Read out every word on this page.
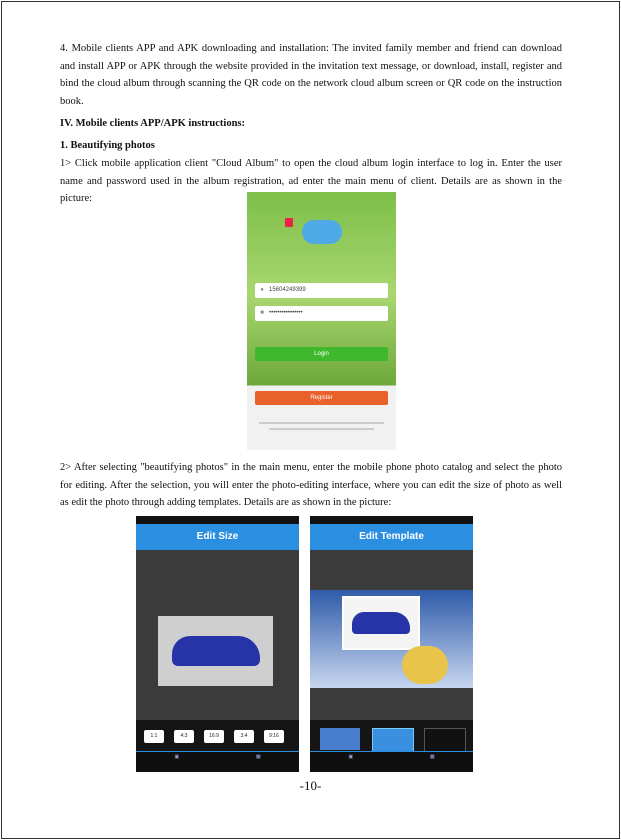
4. Mobile clients APP and APK downloading and installation: The invited family member and friend can download and install APP or APK through the website provided in the invitation text message, or download, install, register and bind the cloud album through scanning the QR code on the network cloud album screen or QR code on the instruction book.
IV. Mobile clients APP/APK instructions:
1. Beautifying photos
1> Click mobile application client "Cloud Album" to open the cloud album login interface to log in. Enter the user name and password used in the album registration, ad enter the main menu of client. Details are as shown in the picture:
● 15604249399
■ ••••••••••••••••
Login
Register
2> After selecting "beautifying photos" in the main menu, enter the mobile phone photo catalog and select the photo for editing. After the selection, you will enter the photo-editing interface, where you can edit the size of photo as well as edit the photo through adding templates. Details are as shown in the picture:
Edit Size
1:1	4:3	16:9	3:4	9:16
▣	▩
Edit Template
▣	▩
-10-
